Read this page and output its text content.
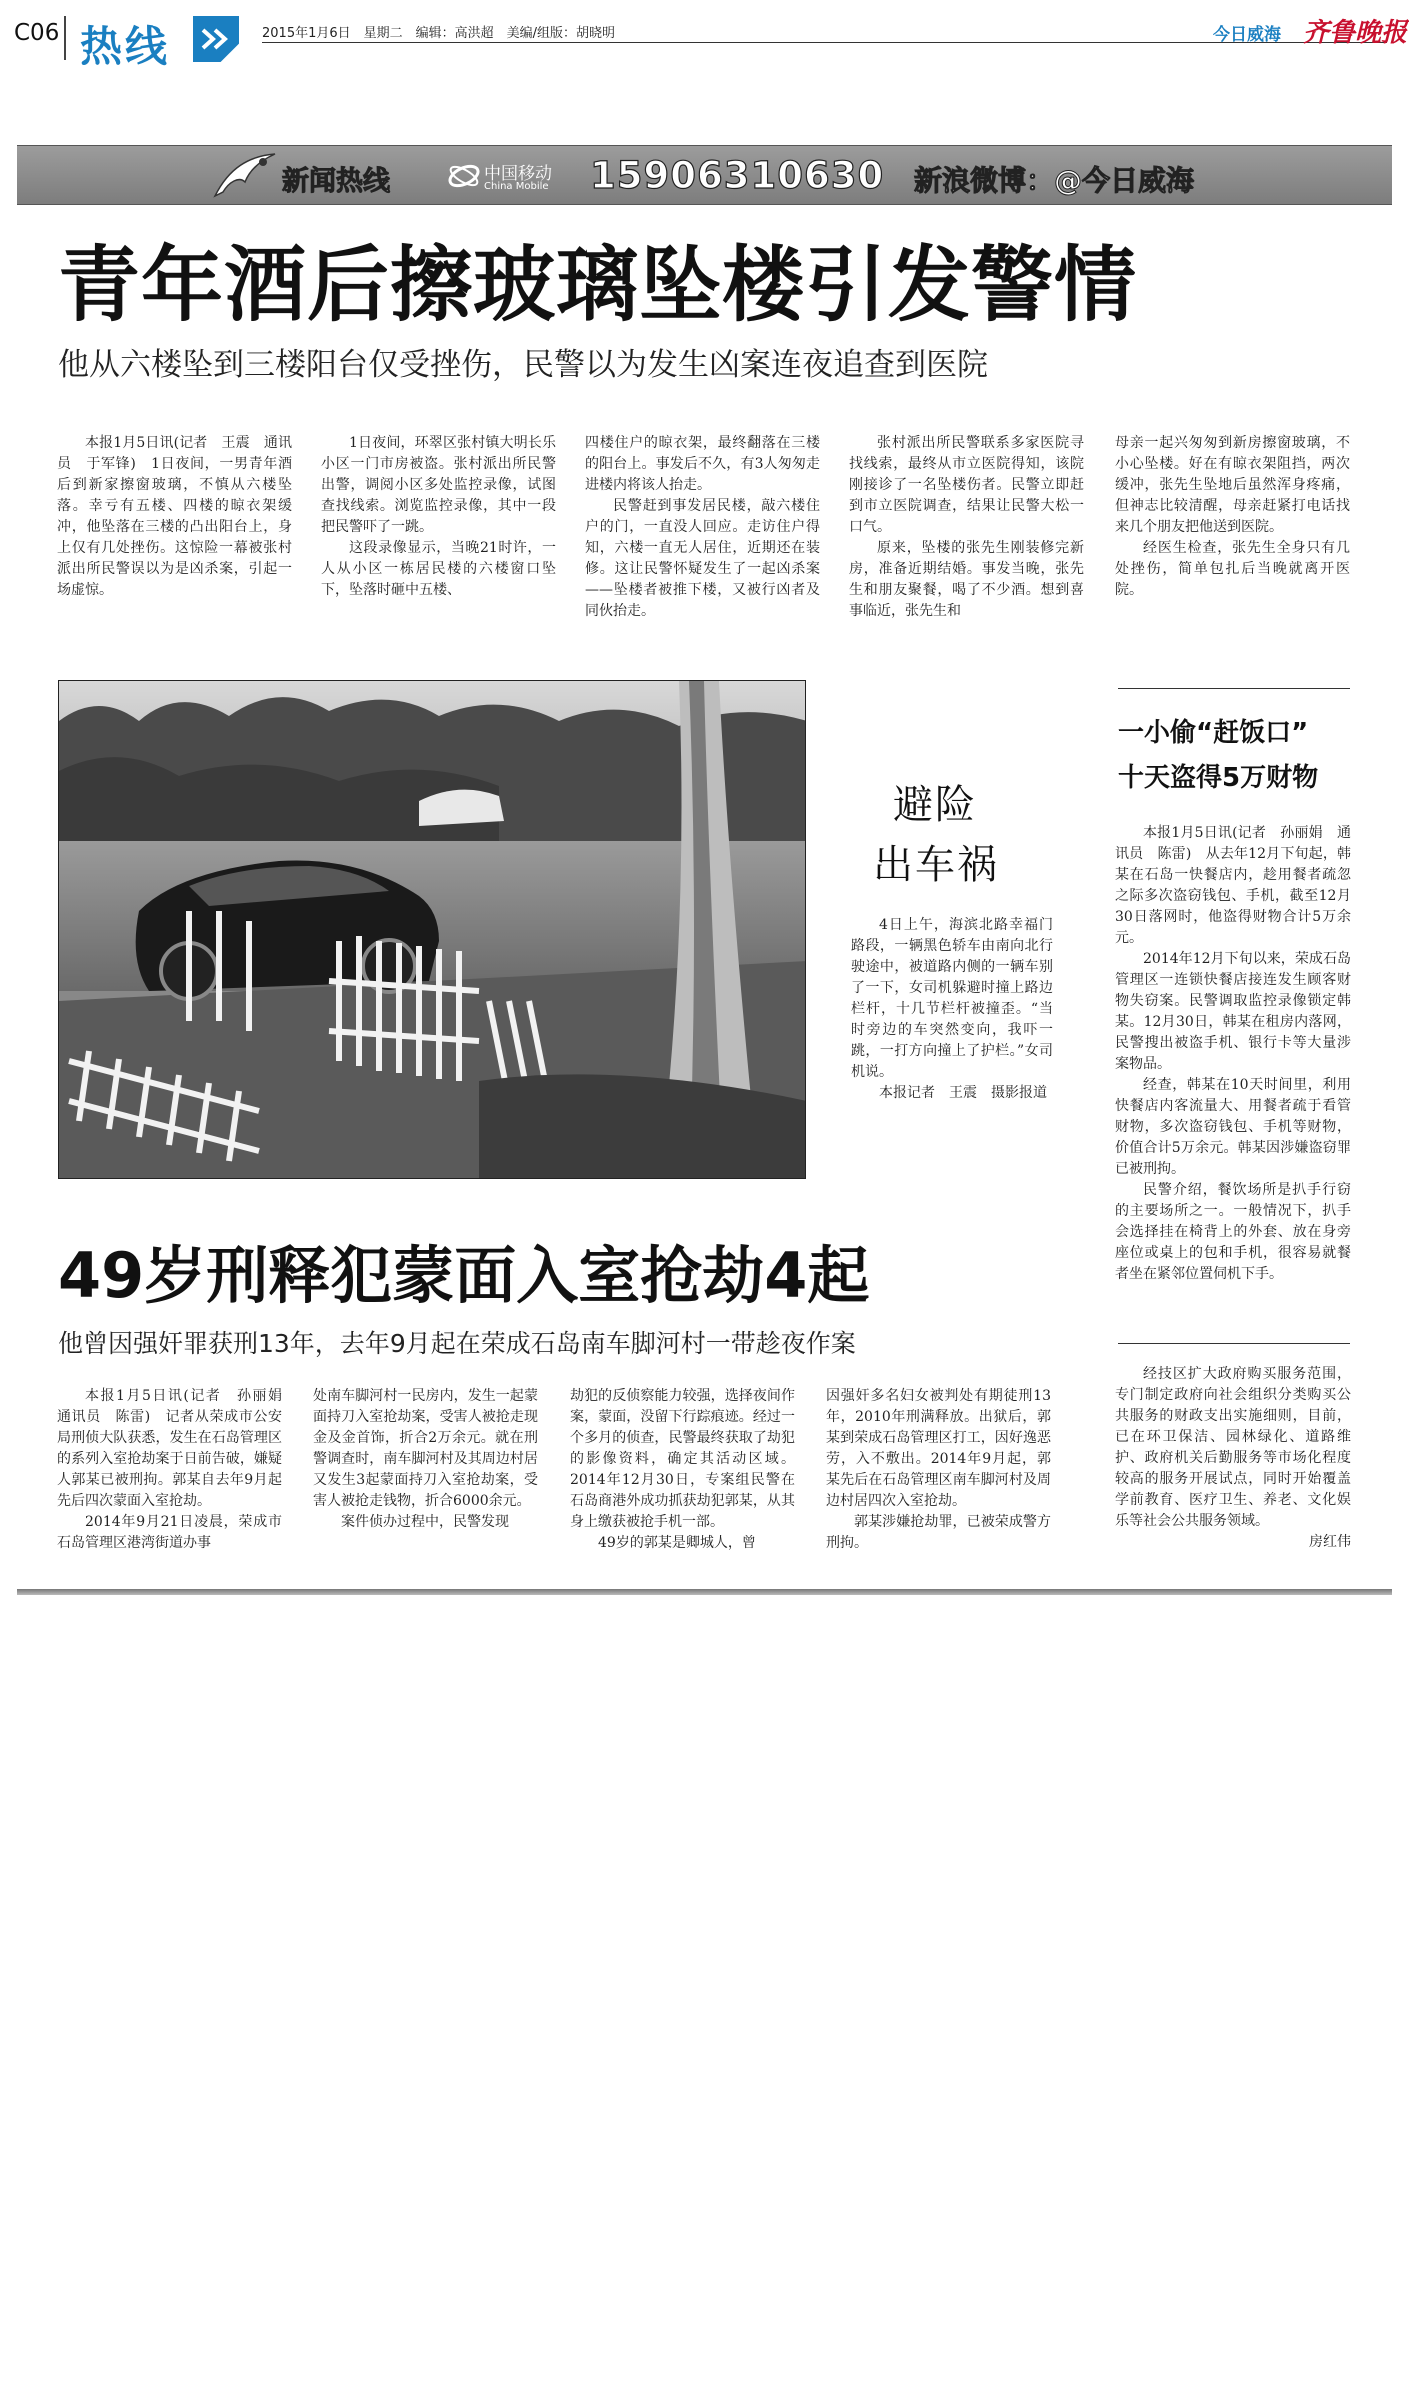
C06 热线	2015年1月6日　星期二　编辑：高洪超　美编/组版：胡晓明	今日威海 齐鲁晚报
新闻热线	中国移动
China Mobile 15906310630 新浪微博：@今日威海
青年酒后擦玻璃坠楼引发警情
他从六楼坠到三楼阳台仅受挫伤，民警以为发生凶案连夜追查到医院

本报1月5日讯(记者　王震　通讯员　于军锋)　1日夜间，一男青年酒后到新家擦窗玻璃，不慎从六楼坠落。幸亏有五楼、四楼的晾衣架缓冲，他坠落在三楼的凸出阳台上，身上仅有几处挫伤。这惊险一幕被张村派出所民警误以为是凶杀案，引起一场虚惊。

1日夜间，环翠区张村镇大明长乐小区一门市房被盗。张村派出所民警出警，调阅小区多处监控录像，试图查找线索。浏览监控录像，其中一段把民警吓了一跳。

这段录像显示，当晚21时许，一人从小区一栋居民楼的六楼窗口坠下，坠落时砸中五楼、

四楼住户的晾衣架，最终翻落在三楼的阳台上。事发后不久，有3人匆匆走进楼内将该人抬走。

民警赶到事发居民楼，敲六楼住户的门，一直没人回应。走访住户得知，六楼一直无人居住，近期还在装修。这让民警怀疑发生了一起凶杀案——坠楼者被推下楼，又被行凶者及同伙抬走。

张村派出所民警联系多家医院寻找线索，最终从市立医院得知，该院刚接诊了一名坠楼伤者。民警立即赶到市立医院调查，结果让民警大松一口气。

原来，坠楼的张先生刚装修完新房，准备近期结婚。事发当晚，张先生和朋友聚餐，喝了不少酒。想到喜事临近，张先生和

母亲一起兴匆匆到新房擦窗玻璃，不小心坠楼。好在有晾衣架阻挡，两次缓冲，张先生坠地后虽然浑身疼痛，但神志比较清醒，母亲赶紧打电话找来几个朋友把他送到医院。

经医生检查，张先生全身只有几处挫伤，简单包扎后当晚就离开医院。

避险
出车祸

4日上午，海滨北路幸福门路段，一辆黑色轿车由南向北行驶途中，被道路内侧的一辆车别了一下，女司机躲避时撞上路边栏杆，十几节栏杆被撞歪。“当时旁边的车突然变向，我吓一跳，一打方向撞上了护栏。”女司机说。

本报记者　王震　摄影报道

一小偷“赶饭口”
十天盗得5万财物

本报1月5日讯(记者　孙丽娟　通讯员　陈雷)　从去年12月下旬起，韩某在石岛一快餐店内，趁用餐者疏忽之际多次盗窃钱包、手机，截至12月30日落网时，他盗得财物合计5万余元。

2014年12月下旬以来，荣成石岛管理区一连锁快餐店接连发生顾客财物失窃案。民警调取监控录像锁定韩某。12月30日，韩某在租房内落网，民警搜出被盗手机、银行卡等大量涉案物品。

经查，韩某在10天时间里，利用快餐店内客流量大、用餐者疏于看管财物，多次盗窃钱包、手机等财物，价值合计5万余元。韩某因涉嫌盗窃罪已被刑拘。

民警介绍，餐饮场所是扒手行窃的主要场所之一。一般情况下，扒手会选择挂在椅背上的外套、放在身旁座位或桌上的包和手机，很容易就餐者坐在紧邻位置伺机下手。

49岁刑释犯蒙面入室抢劫4起
他曾因强奸罪获刑13年，去年9月起在荣成石岛南车脚河村一带趁夜作案

本报1月5日讯(记者　孙丽娟　通讯员　陈雷)　记者从荣成市公安局刑侦大队获悉，发生在石岛管理区的系列入室抢劫案于日前告破，嫌疑人郭某已被刑拘。郭某自去年9月起先后四次蒙面入室抢劫。

2014年9月21日凌晨，荣成市石岛管理区港湾街道办事

处南车脚河村一民房内，发生一起蒙面持刀入室抢劫案，受害人被抢走现金及金首饰，折合2万余元。就在刑警调查时，南车脚河村及其周边村居又发生3起蒙面持刀入室抢劫案，受害人被抢走钱物，折合6000余元。

案件侦办过程中，民警发现

劫犯的反侦察能力较强，选择夜间作案，蒙面，没留下行踪痕迹。经过一个多月的侦查，民警最终获取了劫犯的影像资料，确定其活动区域。2014年12月30日，专案组民警在石岛商港外成功抓获劫犯郭某，从其身上缴获被抢手机一部。

49岁的郭某是卿城人，曾

因强奸多名妇女被判处有期徒刑13年，2010年刑满释放。出狱后，郭某到荣成石岛管理区打工，因好逸恶劳，入不敷出。2014年9月起，郭某先后在石岛管理区南车脚河村及周边村居四次入室抢劫。

郭某涉嫌抢劫罪，已被荣成警方刑拘。

经技区扩大政府购买服务范围，专门制定政府向社会组织分类购买公共服务的财政支出实施细则，目前，已在环卫保洁、园林绿化、道路维护、政府机关后勤服务等市场化程度较高的服务开展试点，同时开始覆盖学前教育、医疗卫生、养老、文化娱乐等社会公共服务领域。

房红伟
